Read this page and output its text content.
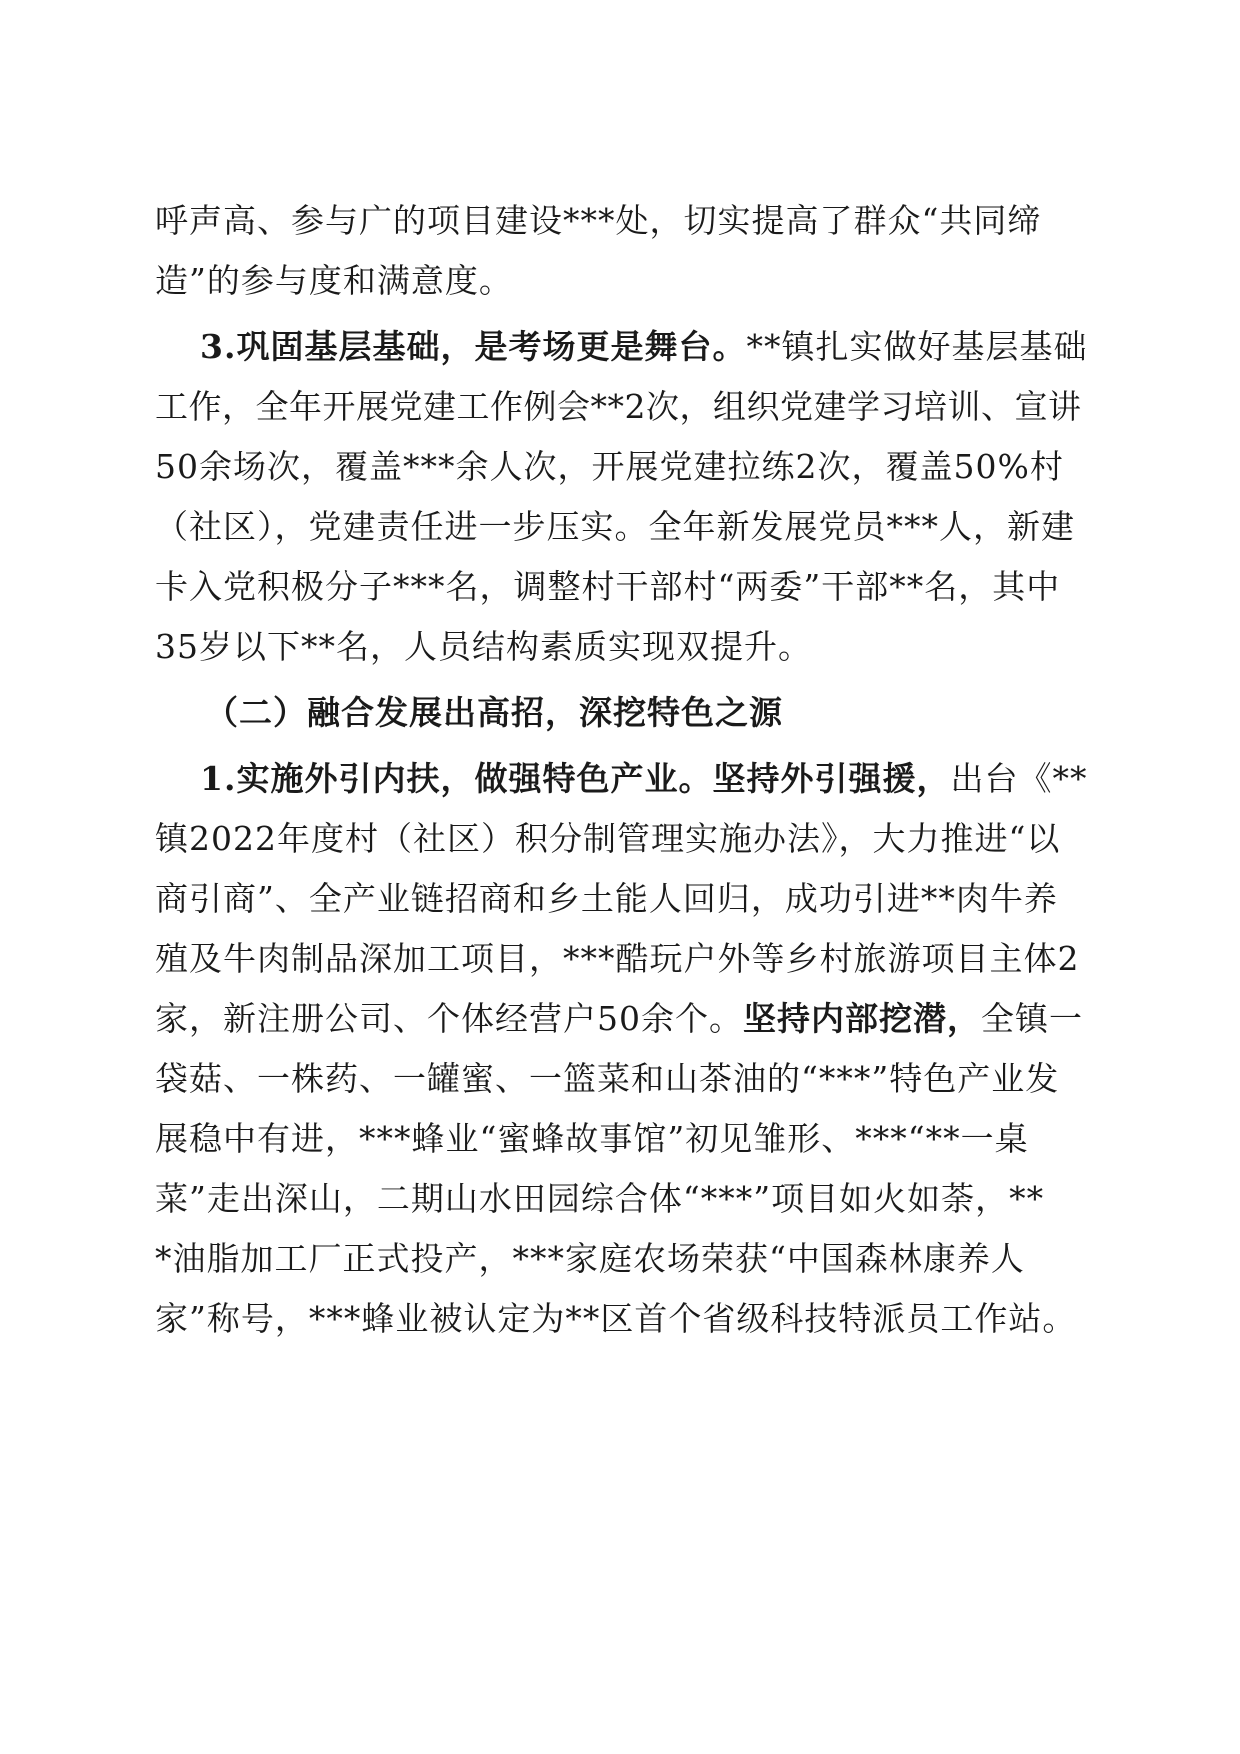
呼声高、参与广的项目建设***处，切实提高了群众“共同缔
造”的参与度和满意度。
3.巩固基层基础，是考场更是舞台。**镇扎实做好基层基础
工作，全年开展党建工作例会**2次，组织党建学习培训、宣讲
50余场次，覆盖***余人次，开展党建拉练2次，覆盖50%村
（社区），党建责任进一步压实。全年新发展党员***人，新建
卡入党积极分子***名，调整村干部村“两委”干部**名，其中
35岁以下**名，人员结构素质实现双提升。
（二）融合发展出高招，深挖特色之源
1.实施外引内扶，做强特色产业。坚持外引强援，出台《**
镇2022年度村（社区）积分制管理实施办法》，大力推进“以
商引商”、全产业链招商和乡土能人回归，成功引进**肉牛养
殖及牛肉制品深加工项目，***酷玩户外等乡村旅游项目主体2
家，新注册公司、个体经营户50余个。坚持内部挖潜，全镇一
袋菇、一株药、一罐蜜、一篮菜和山茶油的“***”特色产业发
展稳中有进，***蜂业“蜜蜂故事馆”初见雏形、***“**一桌
菜”走出深山，二期山水田园综合体“***”项目如火如荼，**
*油脂加工厂正式投产，***家庭农场荣获“中国森林康养人
家”称号，***蜂业被认定为**区首个省级科技特派员工作站。
